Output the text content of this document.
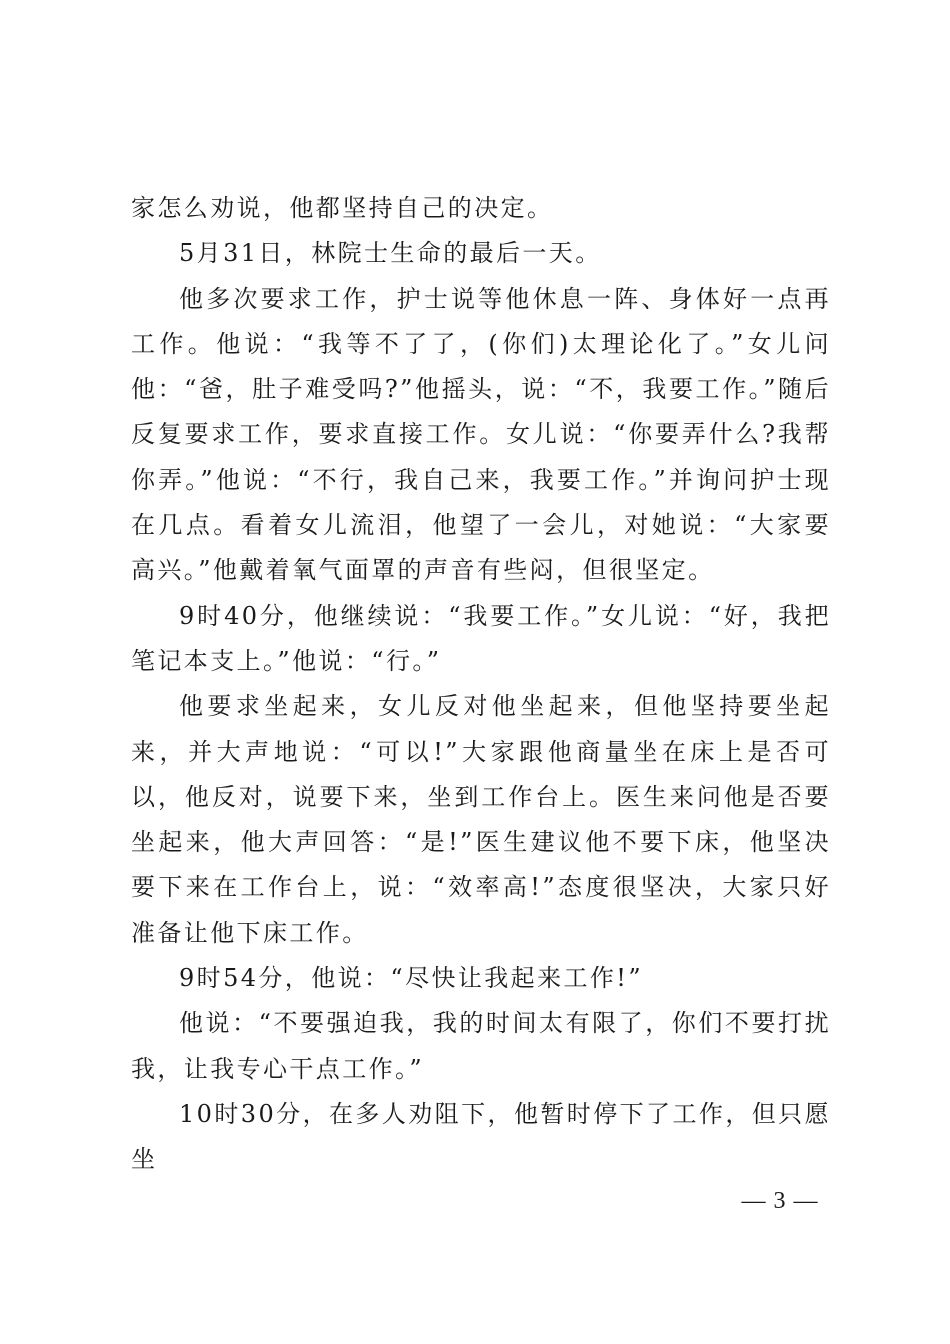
家怎么劝说，他都坚持自己的决定。

5月31日，林院士生命的最后一天。

他多次要求工作，护士说等他休息一阵、身体好一点再工作。他说：“我等不了了，(你们)太理论化了。”女儿问他：“爸，肚子难受吗?”他摇头，说：“不，我要工作。”随后反复要求工作，要求直接工作。女儿说：“你要弄什么?我帮你弄。”他说：“不行，我自己来，我要工作。”并询问护士现在几点。看着女儿流泪，他望了一会儿，对她说：“大家要高兴。”他戴着氧气面罩的声音有些闷，但很坚定。

9时40分，他继续说：“我要工作。”女儿说：“好，我把笔记本支上。”他说：“行。”

他要求坐起来，女儿反对他坐起来，但他坚持要坐起来，并大声地说：“可以!”大家跟他商量坐在床上是否可以，他反对，说要下来，坐到工作台上。医生来问他是否要坐起来，他大声回答：“是!”医生建议他不要下床，他坚决要下来在工作台上，说：“效率高!”态度很坚决，大家只好准备让他下床工作。

9时54分，他说：“尽快让我起来工作!”

他说：“不要强迫我，我的时间太有限了，你们不要打扰我，让我专心干点工作。”

10时30分，在多人劝阻下，他暂时停下了工作，但只愿坐

— 3 —
